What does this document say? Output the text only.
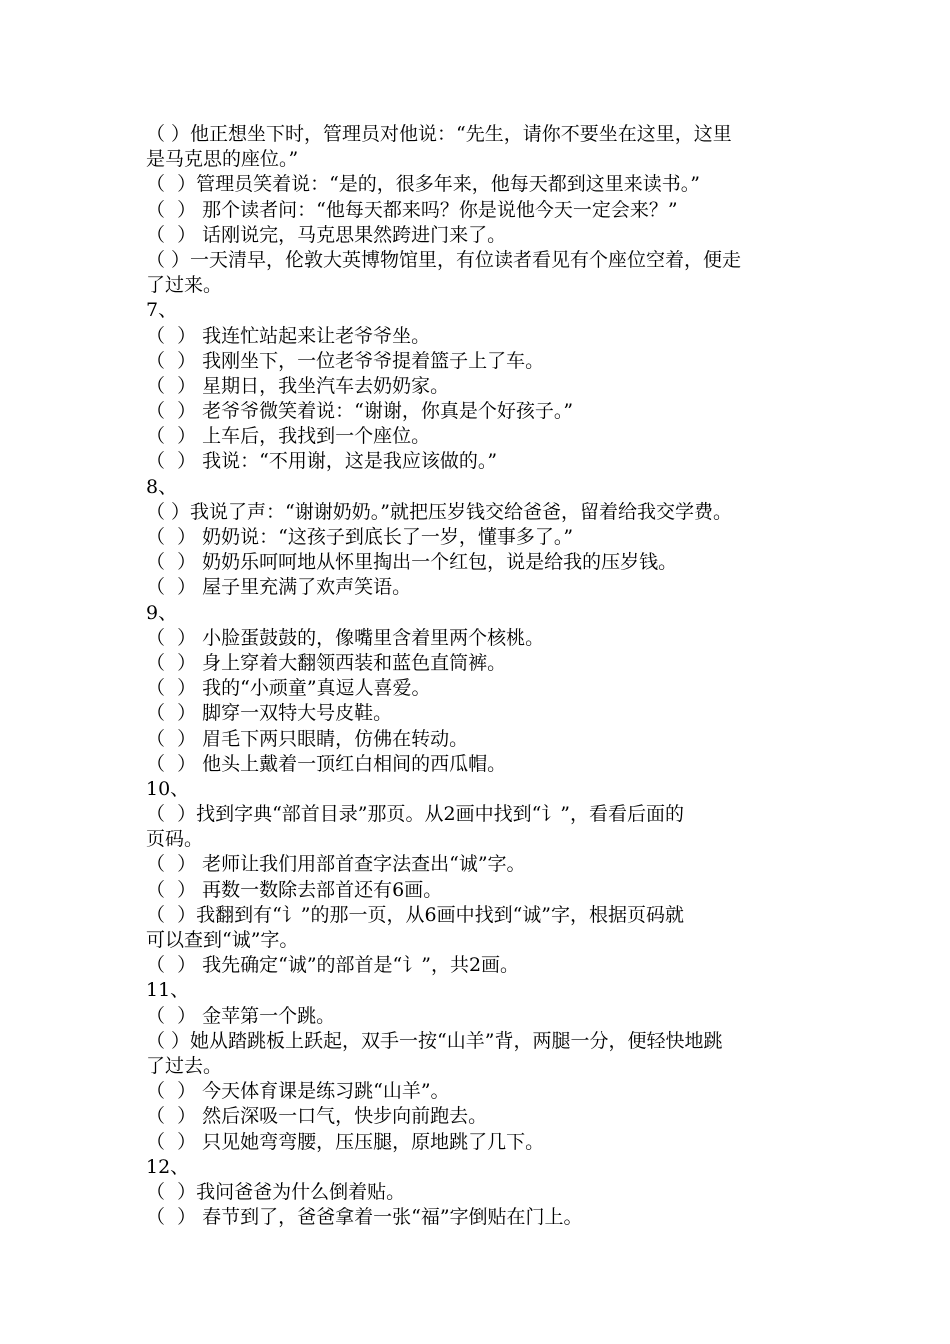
（ ）他正想坐下时，管理员对他说：“先生，请你不要坐在这里，这里
是马克思的座位。”
（  ）管理员笑着说：“是的，很多年来，他每天都到这里来读书。”
（  ） 那个读者问：“他每天都来吗？你是说他今天一定会来？”
（  ） 话刚说完，马克思果然跨进门来了。
（ ）一天清早，伦敦大英博物馆里，有位读者看见有个座位空着，便走
了过来。
7、
（  ） 我连忙站起来让老爷爷坐。
（  ） 我刚坐下，一位老爷爷提着篮子上了车。
（  ） 星期日，我坐汽车去奶奶家。
（  ） 老爷爷微笑着说：“谢谢，你真是个好孩子。”
（  ） 上车后，我找到一个座位。
（  ） 我说：“不用谢，这是我应该做的。”
8、
（ ）我说了声：“谢谢奶奶。”就把压岁钱交给爸爸，留着给我交学费。
（  ） 奶奶说：“这孩子到底长了一岁，懂事多了。”
（  ） 奶奶乐呵呵地从怀里掏出一个红包，说是给我的压岁钱。
（  ） 屋子里充满了欢声笑语。
9、
（  ） 小脸蛋鼓鼓的，像嘴里含着里两个核桃。
（  ） 身上穿着大翻领西装和蓝色直筒裤。
（  ） 我的“小顽童”真逗人喜爱。
（  ） 脚穿一双特大号皮鞋。
（  ） 眉毛下两只眼睛，仿佛在转动。
（  ） 他头上戴着一顶红白相间的西瓜帽。
10、
（  ）找到字典“部首目录”那页。从2画中找到“讠”，看看后面的
页码。
（  ） 老师让我们用部首查字法查出“诚”字。
（  ） 再数一数除去部首还有6画。
（  ）我翻到有“讠”的那一页，从6画中找到“诚”字，根据页码就
可以查到“诚”字。
（  ） 我先确定“诚”的部首是“讠”，共2画。
11、
（  ） 金苹第一个跳。
（ ）她从踏跳板上跃起，双手一按“山羊”背，两腿一分，便轻快地跳
了过去。
（  ） 今天体育课是练习跳“山羊”。
（  ） 然后深吸一口气，快步向前跑去。
（  ） 只见她弯弯腰，压压腿，原地跳了几下。
12、
（  ）我问爸爸为什么倒着贴。
（  ） 春节到了，爸爸拿着一张“福”字倒贴在门上。
